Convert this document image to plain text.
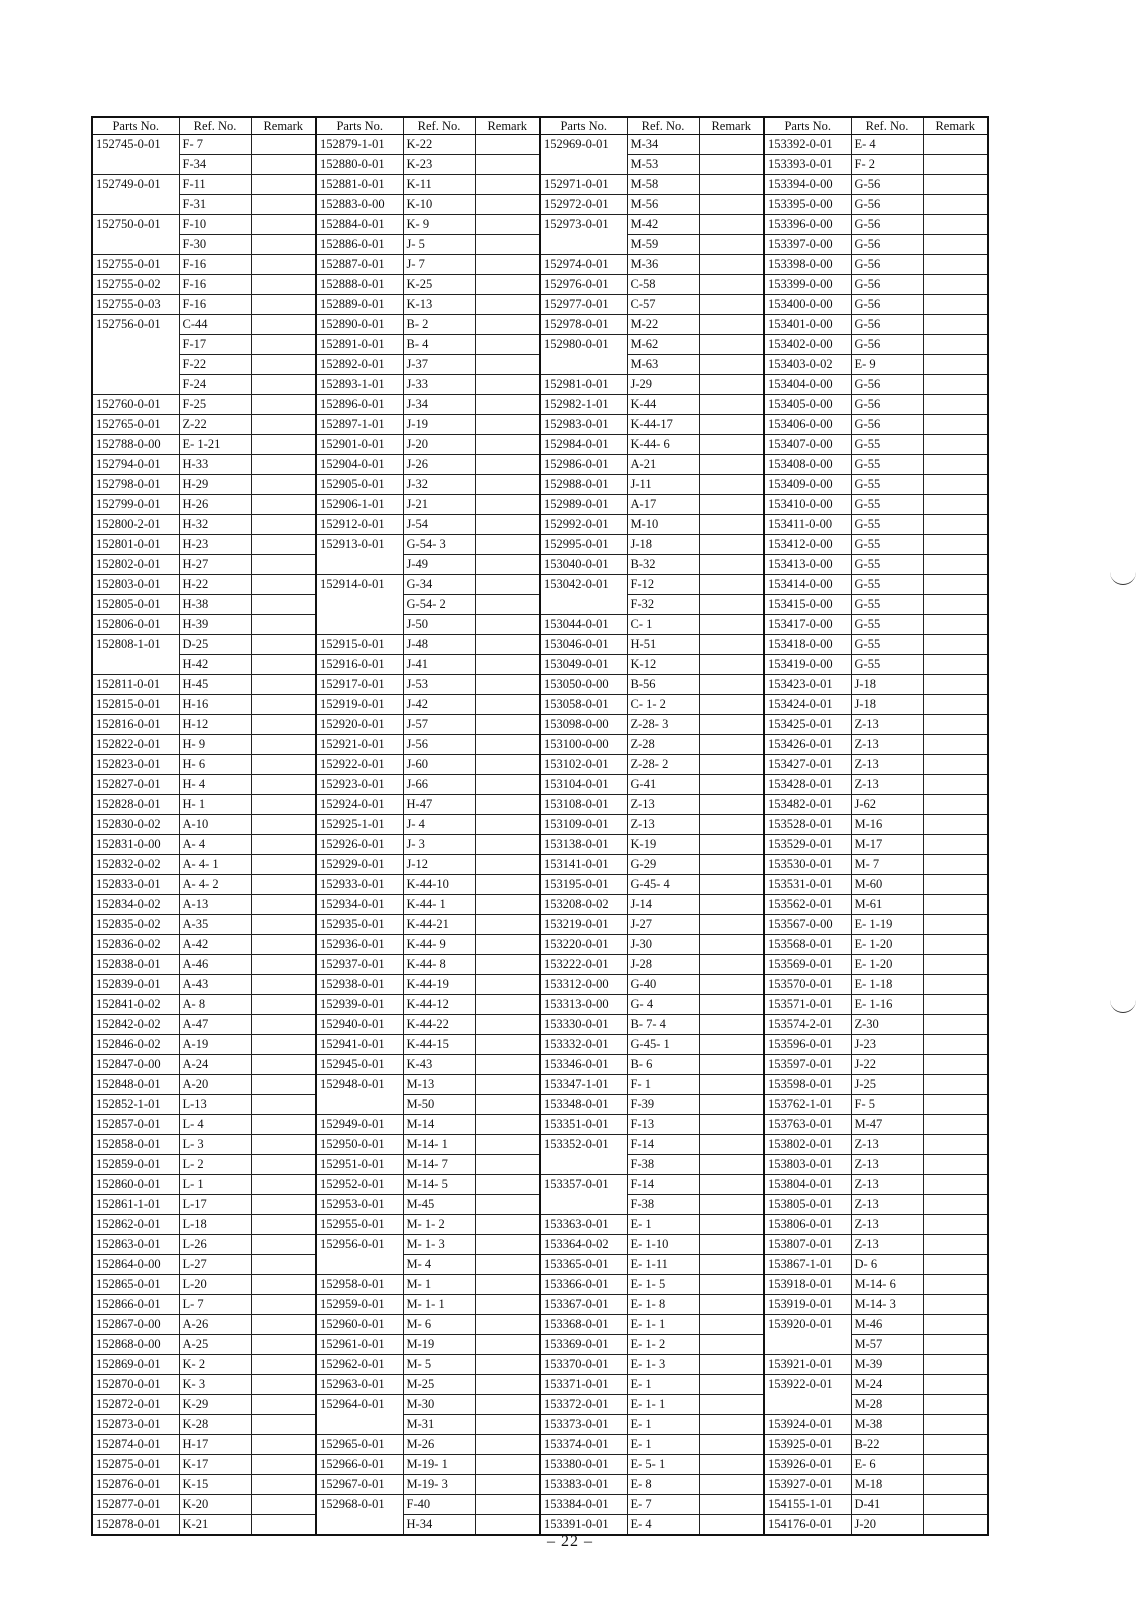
Parts No.	Ref. No.	Remark	Parts No.	Ref. No.	Remark	Parts No.	Ref. No.	Remark	Parts No.	Ref. No.	Remark
152745-0-01	F- 7		152879-1-01	K-22		152969-0-01	M-34		153392-0-01	E- 4	
	F-34		152880-0-01	K-23			M-53		153393-0-01	F- 2	
152749-0-01	F-11		152881-0-01	K-11		152971-0-01	M-58		153394-0-00	G-56	
	F-31		152883-0-00	K-10		152972-0-01	M-56		153395-0-00	G-56	
152750-0-01	F-10		152884-0-01	K- 9		152973-0-01	M-42		153396-0-00	G-56	
	F-30		152886-0-01	J- 5			M-59		153397-0-00	G-56	
152755-0-01	F-16		152887-0-01	J- 7		152974-0-01	M-36		153398-0-00	G-56	
152755-0-02	F-16		152888-0-01	K-25		152976-0-01	C-58		153399-0-00	G-56	
152755-0-03	F-16		152889-0-01	K-13		152977-0-01	C-57		153400-0-00	G-56	
152756-0-01	C-44		152890-0-01	B- 2		152978-0-01	M-22		153401-0-00	G-56	
	F-17		152891-0-01	B- 4		152980-0-01	M-62		153402-0-00	G-56	
	F-22		152892-0-01	J-37			M-63		153403-0-02	E- 9	
	F-24		152893-1-01	J-33		152981-0-01	J-29		153404-0-00	G-56	
152760-0-01	F-25		152896-0-01	J-34		152982-1-01	K-44		153405-0-00	G-56	
152765-0-01	Z-22		152897-1-01	J-19		152983-0-01	K-44-17		153406-0-00	G-56	
152788-0-00	E- 1-21		152901-0-01	J-20		152984-0-01	K-44- 6		153407-0-00	G-55	
152794-0-01	H-33		152904-0-01	J-26		152986-0-01	A-21		153408-0-00	G-55	
152798-0-01	H-29		152905-0-01	J-32		152988-0-01	J-11		153409-0-00	G-55	
152799-0-01	H-26		152906-1-01	J-21		152989-0-01	A-17		153410-0-00	G-55	
152800-2-01	H-32		152912-0-01	J-54		152992-0-01	M-10		153411-0-00	G-55	
152801-0-01	H-23		152913-0-01	G-54- 3		152995-0-01	J-18		153412-0-00	G-55	
152802-0-01	H-27			J-49		153040-0-01	B-32		153413-0-00	G-55	
152803-0-01	H-22		152914-0-01	G-34		153042-0-01	F-12		153414-0-00	G-55	
152805-0-01	H-38			G-54- 2			F-32		153415-0-00	G-55	
152806-0-01	H-39			J-50		153044-0-01	C- 1		153417-0-00	G-55	
152808-1-01	D-25		152915-0-01	J-48		153046-0-01	H-51		153418-0-00	G-55	
	H-42		152916-0-01	J-41		153049-0-01	K-12		153419-0-00	G-55	
152811-0-01	H-45		152917-0-01	J-53		153050-0-00	B-56		153423-0-01	J-18	
152815-0-01	H-16		152919-0-01	J-42		153058-0-01	C- 1- 2		153424-0-01	J-18	
152816-0-01	H-12		152920-0-01	J-57		153098-0-00	Z-28- 3		153425-0-01	Z-13	
152822-0-01	H- 9		152921-0-01	J-56		153100-0-00	Z-28		153426-0-01	Z-13	
152823-0-01	H- 6		152922-0-01	J-60		153102-0-01	Z-28- 2		153427-0-01	Z-13	
152827-0-01	H- 4		152923-0-01	J-66		153104-0-01	G-41		153428-0-01	Z-13	
152828-0-01	H- 1		152924-0-01	H-47		153108-0-01	Z-13		153482-0-01	J-62	
152830-0-02	A-10		152925-1-01	J- 4		153109-0-01	Z-13		153528-0-01	M-16	
152831-0-00	A- 4		152926-0-01	J- 3		153138-0-01	K-19		153529-0-01	M-17	
152832-0-02	A- 4- 1		152929-0-01	J-12		153141-0-01	G-29		153530-0-01	M- 7	
152833-0-01	A- 4- 2		152933-0-01	K-44-10		153195-0-01	G-45- 4		153531-0-01	M-60	
152834-0-02	A-13		152934-0-01	K-44- 1		153208-0-02	J-14		153562-0-01	M-61	
152835-0-02	A-35		152935-0-01	K-44-21		153219-0-01	J-27		153567-0-00	E- 1-19	
152836-0-02	A-42		152936-0-01	K-44- 9		153220-0-01	J-30		153568-0-01	E- 1-20	
152838-0-01	A-46		152937-0-01	K-44- 8		153222-0-01	J-28		153569-0-01	E- 1-20	
152839-0-01	A-43		152938-0-01	K-44-19		153312-0-00	G-40		153570-0-01	E- 1-18	
152841-0-02	A- 8		152939-0-01	K-44-12		153313-0-00	G- 4		153571-0-01	E- 1-16	
152842-0-02	A-47		152940-0-01	K-44-22		153330-0-01	B- 7- 4		153574-2-01	Z-30	
152846-0-02	A-19		152941-0-01	K-44-15		153332-0-01	G-45- 1		153596-0-01	J-23	
152847-0-00	A-24		152945-0-01	K-43		153346-0-01	B- 6		153597-0-01	J-22	
152848-0-01	A-20		152948-0-01	M-13		153347-1-01	F- 1		153598-0-01	J-25	
152852-1-01	L-13			M-50		153348-0-01	F-39		153762-1-01	F- 5	
152857-0-01	L- 4		152949-0-01	M-14		153351-0-01	F-13		153763-0-01	M-47	
152858-0-01	L- 3		152950-0-01	M-14- 1		153352-0-01	F-14		153802-0-01	Z-13	
152859-0-01	L- 2		152951-0-01	M-14- 7			F-38		153803-0-01	Z-13	
152860-0-01	L- 1		152952-0-01	M-14- 5		153357-0-01	F-14		153804-0-01	Z-13	
152861-1-01	L-17		152953-0-01	M-45			F-38		153805-0-01	Z-13	
152862-0-01	L-18		152955-0-01	M- 1- 2		153363-0-01	E- 1		153806-0-01	Z-13	
152863-0-01	L-26		152956-0-01	M- 1- 3		153364-0-02	E- 1-10		153807-0-01	Z-13	
152864-0-00	L-27			M- 4		153365-0-01	E- 1-11		153867-1-01	D- 6	
152865-0-01	L-20		152958-0-01	M- 1		153366-0-01	E- 1- 5		153918-0-01	M-14- 6	
152866-0-01	L- 7		152959-0-01	M- 1- 1		153367-0-01	E- 1- 8		153919-0-01	M-14- 3	
152867-0-00	A-26		152960-0-01	M- 6		153368-0-01	E- 1- 1		153920-0-01	M-46	
152868-0-00	A-25		152961-0-01	M-19		153369-0-01	E- 1- 2			M-57	
152869-0-01	K- 2		152962-0-01	M- 5		153370-0-01	E- 1- 3		153921-0-01	M-39	
152870-0-01	K- 3		152963-0-01	M-25		153371-0-01	E- 1		153922-0-01	M-24	
152872-0-01	K-29		152964-0-01	M-30		153372-0-01	E- 1- 1			M-28	
152873-0-01	K-28			M-31		153373-0-01	E- 1		153924-0-01	M-38	
152874-0-01	H-17		152965-0-01	M-26		153374-0-01	E- 1		153925-0-01	B-22	
152875-0-01	K-17		152966-0-01	M-19- 1		153380-0-01	E- 5- 1		153926-0-01	E- 6	
152876-0-01	K-15		152967-0-01	M-19- 3		153383-0-01	E- 8		153927-0-01	M-18	
152877-0-01	K-20		152968-0-01	F-40		153384-0-01	E- 7		154155-1-01	D-41	
152878-0-01	K-21			H-34		153391-0-01	E- 4		154176-0-01	J-20	
– 22 –
